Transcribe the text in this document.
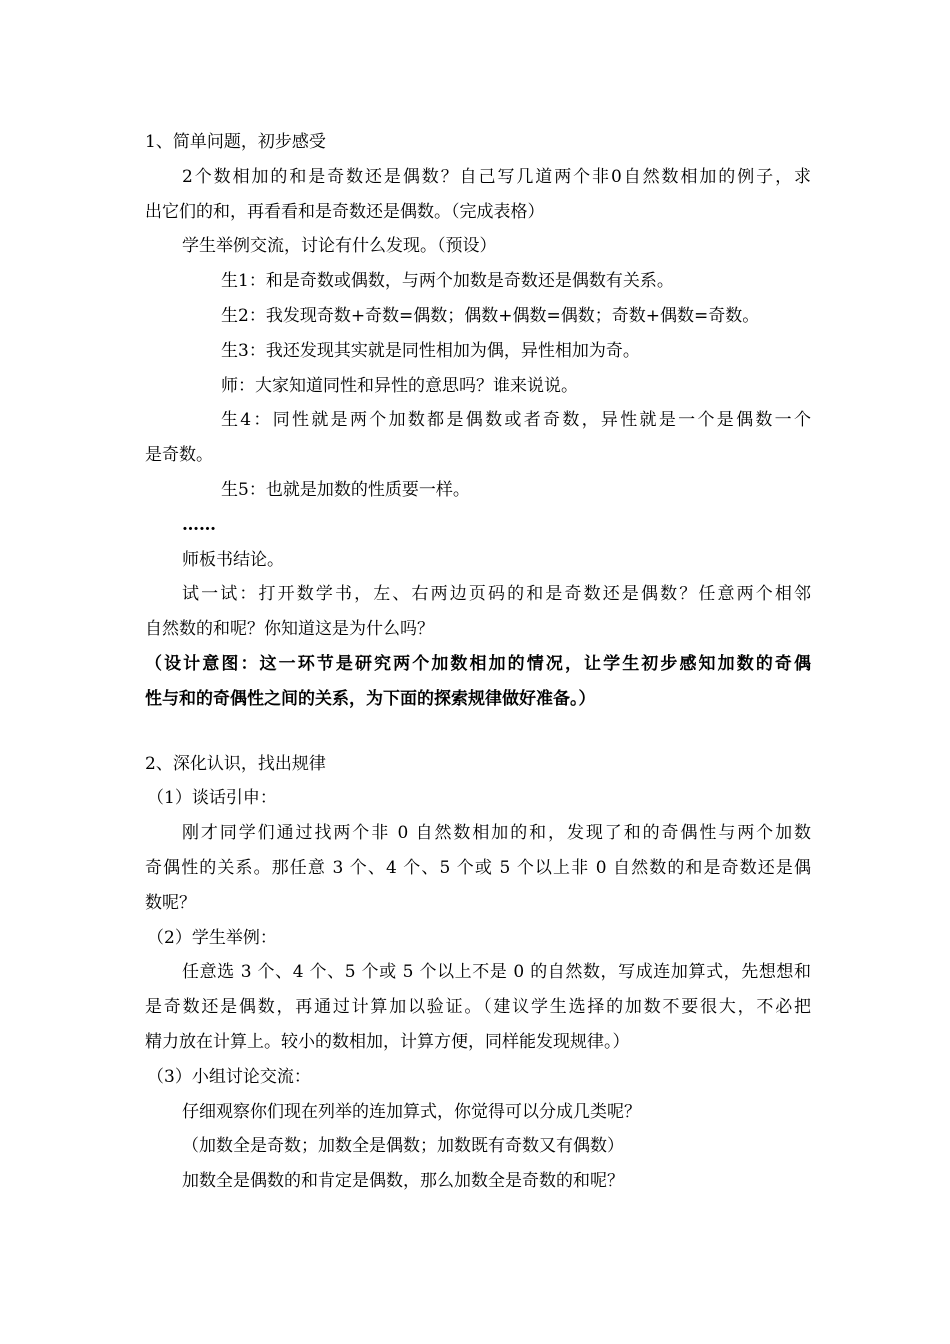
1、简单问题，初步感受
2个数相加的和是奇数还是偶数？自己写几道两个非0自然数相加的例子，求
出它们的和，再看看和是奇数还是偶数。（完成表格）
学生举例交流，讨论有什么发现。（预设）
生1：和是奇数或偶数，与两个加数是奇数还是偶数有关系。
生2：我发现奇数+奇数=偶数；偶数+偶数=偶数；奇数+偶数=奇数。
生3：我还发现其实就是同性相加为偶，异性相加为奇。
师：大家知道同性和异性的意思吗？谁来说说。
生4：同性就是两个加数都是偶数或者奇数，异性就是一个是偶数一个
是奇数。
生5：也就是加数的性质要一样。
……
师板书结论。
试一试：打开数学书，左、右两边页码的和是奇数还是偶数？任意两个相邻
自然数的和呢？你知道这是为什么吗？
（设计意图：这一环节是研究两个加数相加的情况，让学生初步感知加数的奇偶
性与和的奇偶性之间的关系，为下面的探索规律做好准备。）
2、深化认识，找出规律
（1）谈话引申：
刚才同学们通过找两个非 0 自然数相加的和，发现了和的奇偶性与两个加数
奇偶性的关系。那任意 3 个、4 个、5 个或 5 个以上非 0 自然数的和是奇数还是偶
数呢？
（2）学生举例：
任意选 3 个、4 个、5 个或 5 个以上不是 0 的自然数，写成连加算式，先想想和
是奇数还是偶数，再通过计算加以验证。（建议学生选择的加数不要很大，不必把
精力放在计算上。较小的数相加，计算方便，同样能发现规律。）
（3）小组讨论交流：
仔细观察你们现在列举的连加算式，你觉得可以分成几类呢？
（加数全是奇数；加数全是偶数；加数既有奇数又有偶数）
加数全是偶数的和肯定是偶数，那么加数全是奇数的和呢？
